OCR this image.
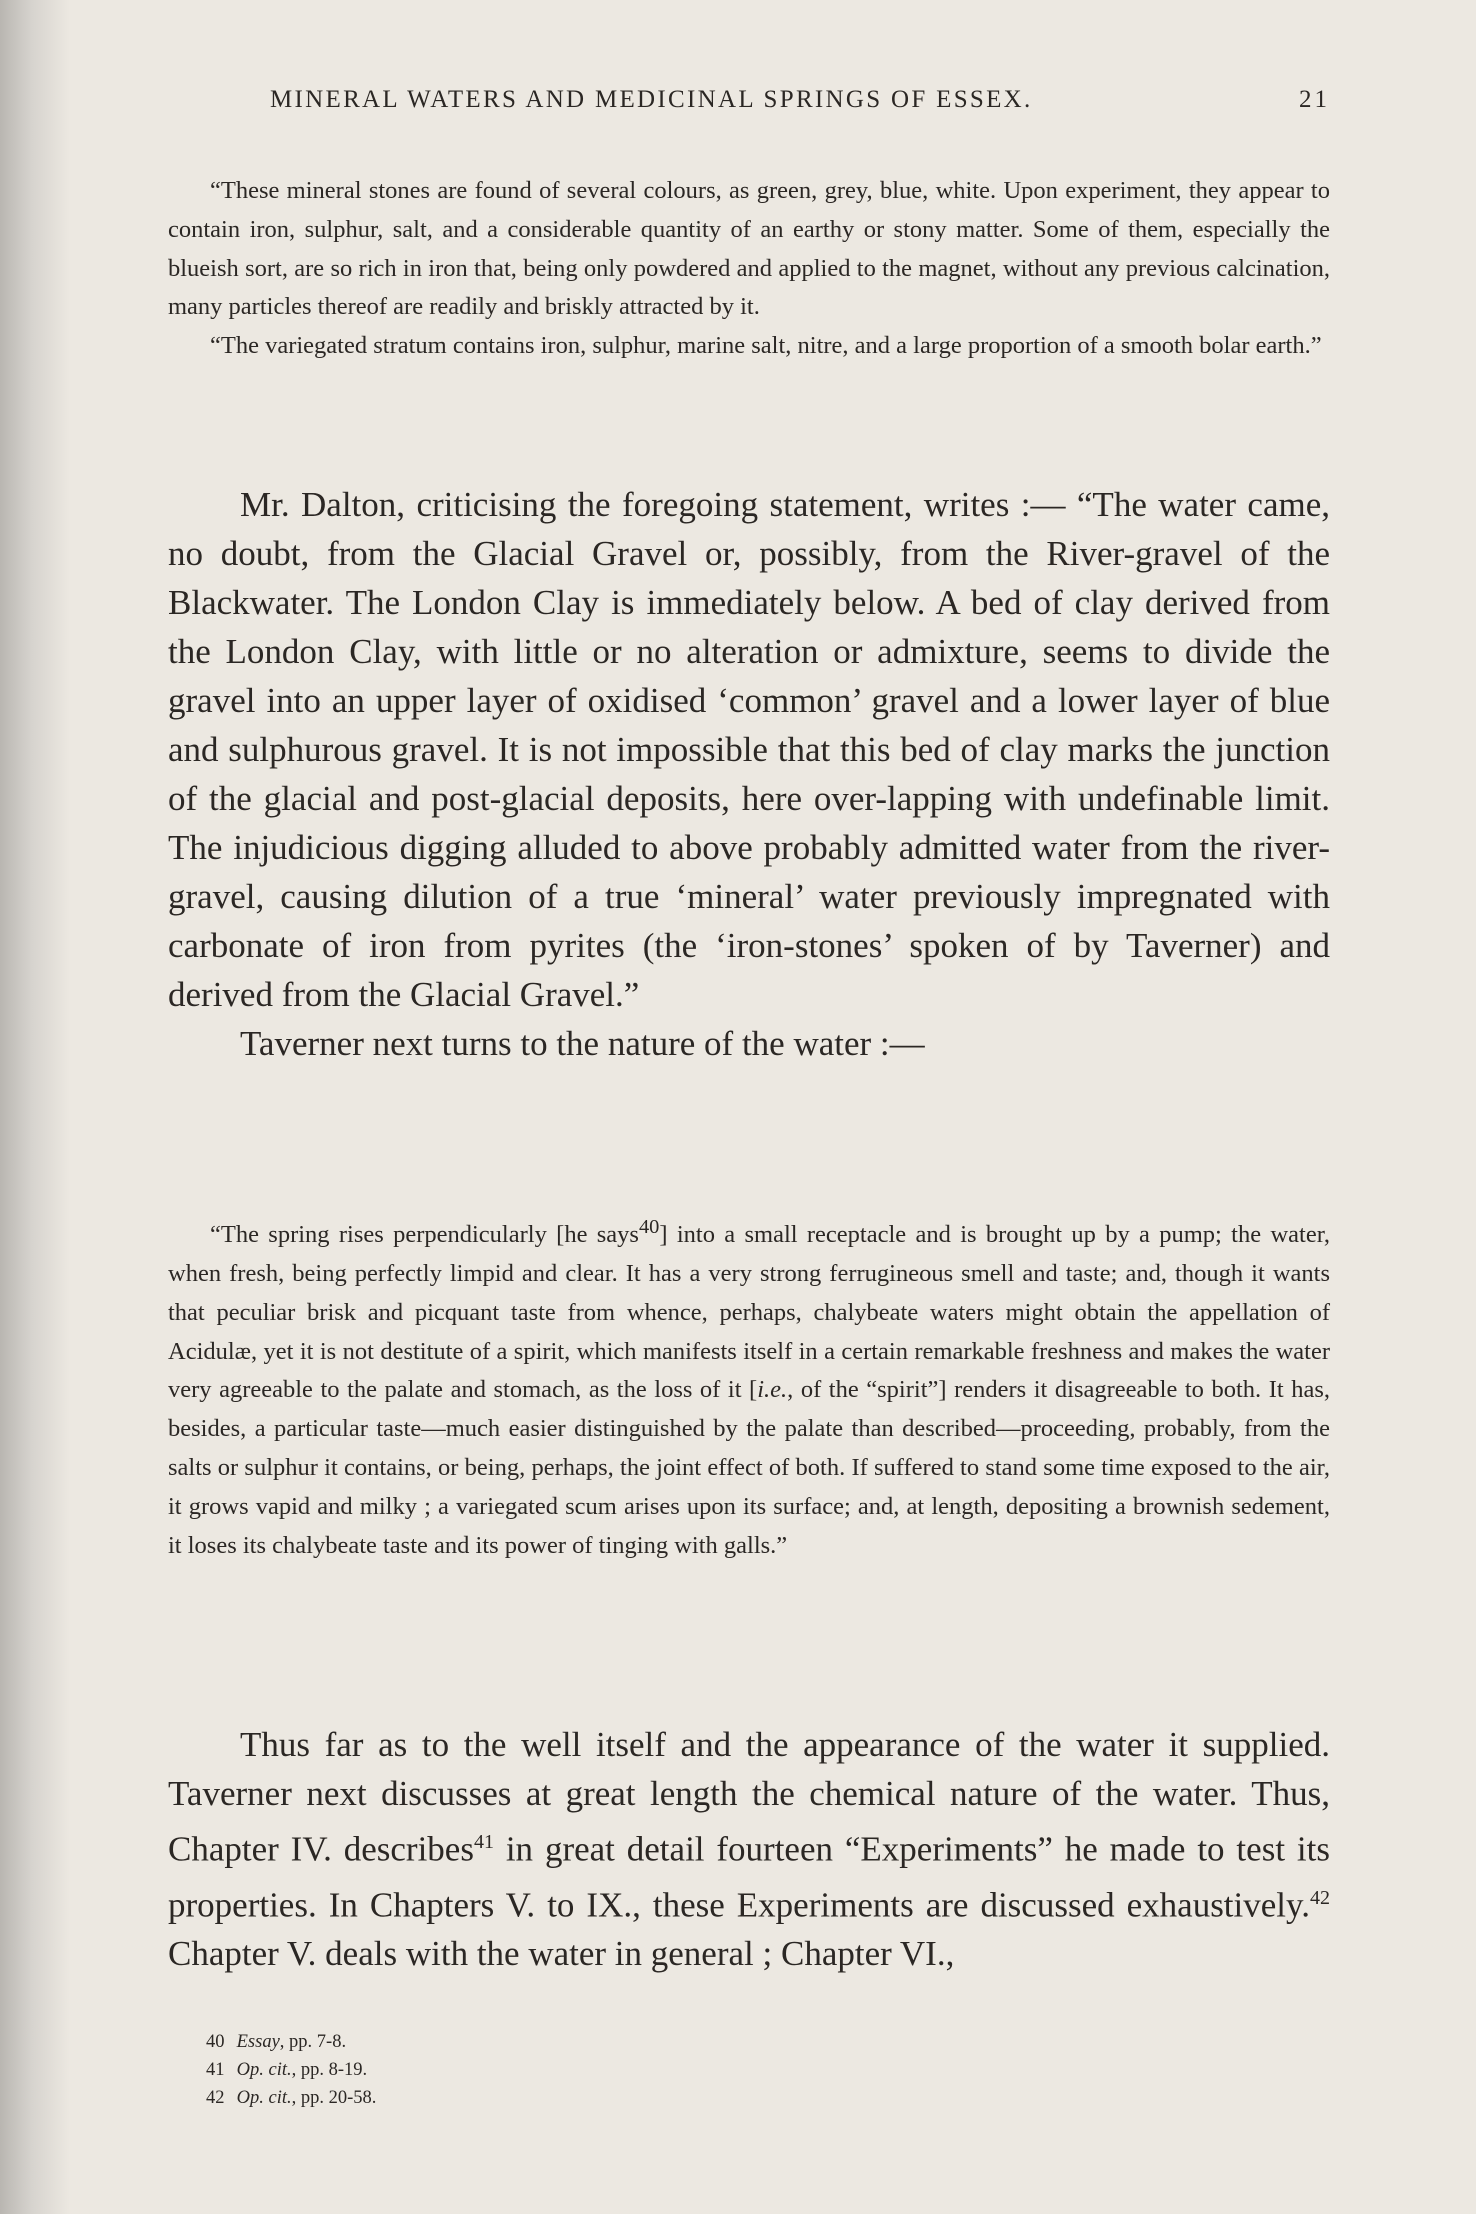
MINERAL WATERS AND MEDICINAL SPRINGS OF ESSEX.	21

“These mineral stones are found of several colours, as green, grey, blue, white. Upon experiment, they appear to contain iron, sulphur, salt, and a considerable quantity of an earthy or stony matter. Some of them, especially the blueish sort, are so rich in iron that, being only powdered and applied to the magnet, without any previous calcination, many particles thereof are readily and briskly attracted by it.

“The variegated stratum contains iron, sulphur, marine salt, nitre, and a large proportion of a smooth bolar earth.”

Mr. Dalton, criticising the foregoing statement, writes :— “The water came, no doubt, from the Glacial Gravel or, possibly, from the River-gravel of the Blackwater. The London Clay is immediately below. A bed of clay derived from the London Clay, with little or no alteration or admixture, seems to divide the gravel into an upper layer of oxidised ‘common’ gravel and a lower layer of blue and sulphurous gravel. It is not impossible that this bed of clay marks the junction of the glacial and post-glacial deposits, here over-lapping with undefinable limit. The injudicious digging alluded to above probably admitted water from the river-gravel, causing dilution of a true ‘mineral’ water previously impregnated with carbonate of iron from pyrites (the ‘iron-stones’ spoken of by Taverner) and derived from the Glacial Gravel.”

Taverner next turns to the nature of the water :—

“The spring rises perpendicularly [he says$^{40}$] into a small receptacle and is brought up by a pump; the water, when fresh, being perfectly limpid and clear. It has a very strong ferrugineous smell and taste; and, though it wants that peculiar brisk and picquant taste from whence, perhaps, chalybeate waters might obtain the appellation of Acidulæ, yet it is not destitute of a spirit, which manifests itself in a certain remarkable freshness and makes the water very agreeable to the palate and stomach, as the loss of it [i.e., of the “spirit”] renders it disagreeable to both. It has, besides, a particular taste—much easier distinguished by the palate than described—proceeding, probably, from the salts or sulphur it contains, or being, perhaps, the joint effect of both. If suffered to stand some time exposed to the air, it grows vapid and milky ; a variegated scum arises upon its surface; and, at length, depositing a brownish sedement, it loses its chalybeate taste and its power of tinging with galls.”

Thus far as to the well itself and the appearance of the water it supplied. Taverner next discusses at great length the chemical nature of the water. Thus, Chapter IV. describes$^{41}$ in great detail fourteen “Experiments” he made to test its properties. In Chapters V. to IX., these Experiments are discussed exhaustively.$^{42}$ Chapter V. deals with the water in general ; Chapter VI.,

40 Essay, pp. 7-8.
41 Op. cit., pp. 8-19.
42 Op. cit., pp. 20-58.
